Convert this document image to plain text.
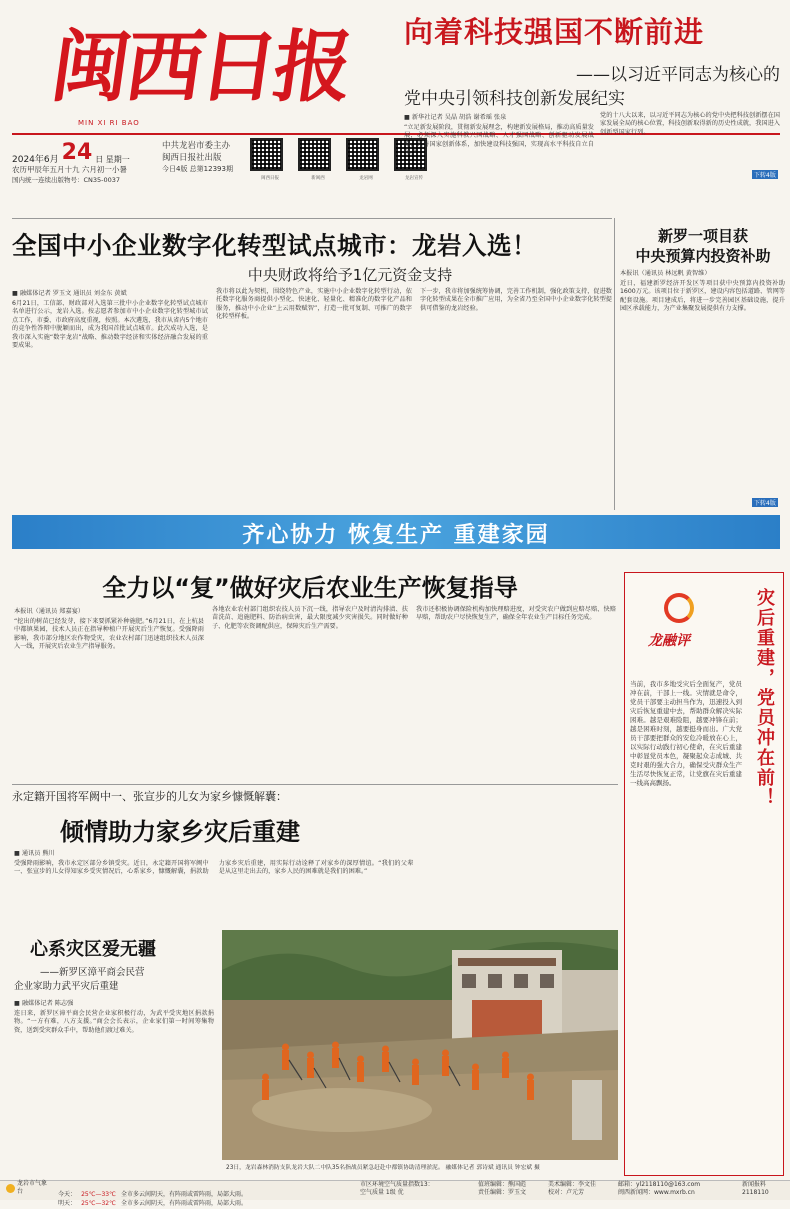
闽西日报
MIN XI RI BAO
向着科技强国不断前进
——以习近平同志为核心的
党中央引领科技创新发展纪实
2024年6月 24 日 星期一
农历甲辰年五月十九 六月初一小暑
国内统一连续出版物号：CN35-0037
中共龙岩市委主办
闽西日报社出版
今日4版 总第12393期
闽西日报	新闽西	龙岩网	龙岩宣传
■ 新华社记者 吴晶 胡浩 谢希瑶 张泉
“立足新发展阶段，贯彻新发展理念，构建新发展格局，推动高质量发展，必须深入实施科教兴国战略、人才强国战略、创新驱动发展战略，完善国家创新体系，加快建设科技强国，实现高水平科技自立自强。”
党的十八大以来，以习近平同志为核心的党中央把科技创新摆在国家发展全局的核心位置，科技创新取得新的历史性成就，我国进入创新型国家行列。
下转4版
全国中小企业数字化转型试点城市：龙岩入选！
中央财政将给予1亿元资金支持
■ 融媒体记者 罗玉文 通讯员 刘金东 黄斌
6月21日，工信部、财政部对入选第三批中小企业数字化转型试点城市名单进行公示，龙岩入选。按志愿者参加市中小企业数字化转型城市试点工作，市委、市政府高度重视，按照。本次遴选，我市从省内5个地市的竞争性答辩中脱颖而出，成为我国首批试点城市。此次成功入选，是我市深入实施“数字龙岩”战略、推动数字经济和实体经济融合发展的重要成果。
我市将以此为契机，围绕特色产业，实施中小企业数字化转型行动，依托数字化服务商提供小型化、快速化、轻量化、精准化的数字化产品和服务，推动中小企业“上云用数赋智”，打造一批可复制、可推广的数字化转型样板。
下一步，我市将加强统筹协调，完善工作机制，强化政策支持，促进数字化转型成果在全市推广应用，为全省乃至全国中小企业数字化转型提供可借鉴的龙岩经验。
新罗一项目获
中央预算内投资补助
本报讯（通讯员 林远帆 黄智维）
近日，福建新罗经济开发区等项目获中央预算内投资补助1600万元。该项目位于新罗区，建设内容包括道路、管网等配套设施。项目建成后，将进一步完善园区基础设施，提升园区承载能力，为产业集聚发展提供有力支撑。
下转4版
齐心协力 恢复生产 重建家园
全力以“复”做好灾后农业生产恢复指导
本报讯（通讯员 郑嘉宴）
“挖出的树苗已经发芽，接下来要抓紧补种施肥。”6月21日，在上杭县中都镇果园，技术人员正在指导种植户开展灾后生产恢复。受强降雨影响，我市部分地区农作物受灾，农业农村部门迅速组织技术人员深入一线，开展灾后农业生产指导服务。
各地农业农村部门组织农技人员下沉一线，指导农户及时清沟排渍、扶苗洗苗、追施肥料、防治病虫害，最大限度减少灾害损失。同时做好种子、化肥等农资调配供应，保障灾后生产需要。
我市还积极协调保险机构加快理赔进度，对受灾农户做到应赔尽赔、快赔早赔，帮助农户尽快恢复生产，确保全年农业生产目标任务完成。
龙融评	灾后重建，党员冲在前！
当前，我市多地受灾后全面复产，党员冲在前，干部上一线。灾情就是命令，党员干部要主动担当作为，迅速投入到灾后恢复重建中去，帮助群众解决实际困难。越是艰难险阻，越要冲锋在前；越是困难时刻，越要挺身而出。广大党员干部要把群众的安危冷暖放在心上，以实际行动践行初心使命，在灾后重建中彰显党员本色，凝聚起众志成城、共克时艰的强大合力，确保受灾群众生产生活尽快恢复正常，让党旗在灾后重建一线高高飘扬。
永定籍开国将军阙中一、张宣步的儿女为家乡慷慨解囊：
倾情助力家乡灾后重建
■ 通讯员 熊川
受强降雨影响，我市永定区部分乡镇受灾。近日，永定籍开国将军阙中一、张宣步的儿女得知家乡受灾情况后，心系家乡，慷慨解囊，捐款助力家乡灾后重建，用实际行动诠释了对家乡的深厚情谊。“我们的父辈是从这里走出去的，家乡人民的困难就是我们的困难。”
心系灾区爱无疆
——新罗区漳平商会民营
企业家助力武平灾后重建
■ 融媒体记者 陈志强
连日来，新罗区漳平商会民营企业家积极行动，为武平受灾地区捐款捐物。“一方有难，八方支援。”商会会长表示，企业家们第一时间筹集物资，送到受灾群众手中，帮助他们渡过难关。
23日，龙岩森林消防支队龙岩大队二中队35名指战员紧急赶赴中都镇协助清理淤泥。 融媒体记者 郭诗斌 通讯员 钟宏斌 摄
龙岩市气象台	今天： 25℃—33℃ 全市多云间阴天，有阵雨或雷阵雨，局部大雨。
明天： 25℃—32℃ 全市多云间阴天，有阵雨或雷阵雨，局部大雨。
市区环境空气质量指数13：
空气质量 1级 优
值班编辑：熊国彪
责任编辑：罗玉文
美术编辑：李文佳
校对：卢元芳
邮箱：yl2118110@163.com
闽西新闻网：www.mxrb.cn
新闻报料
2118110
